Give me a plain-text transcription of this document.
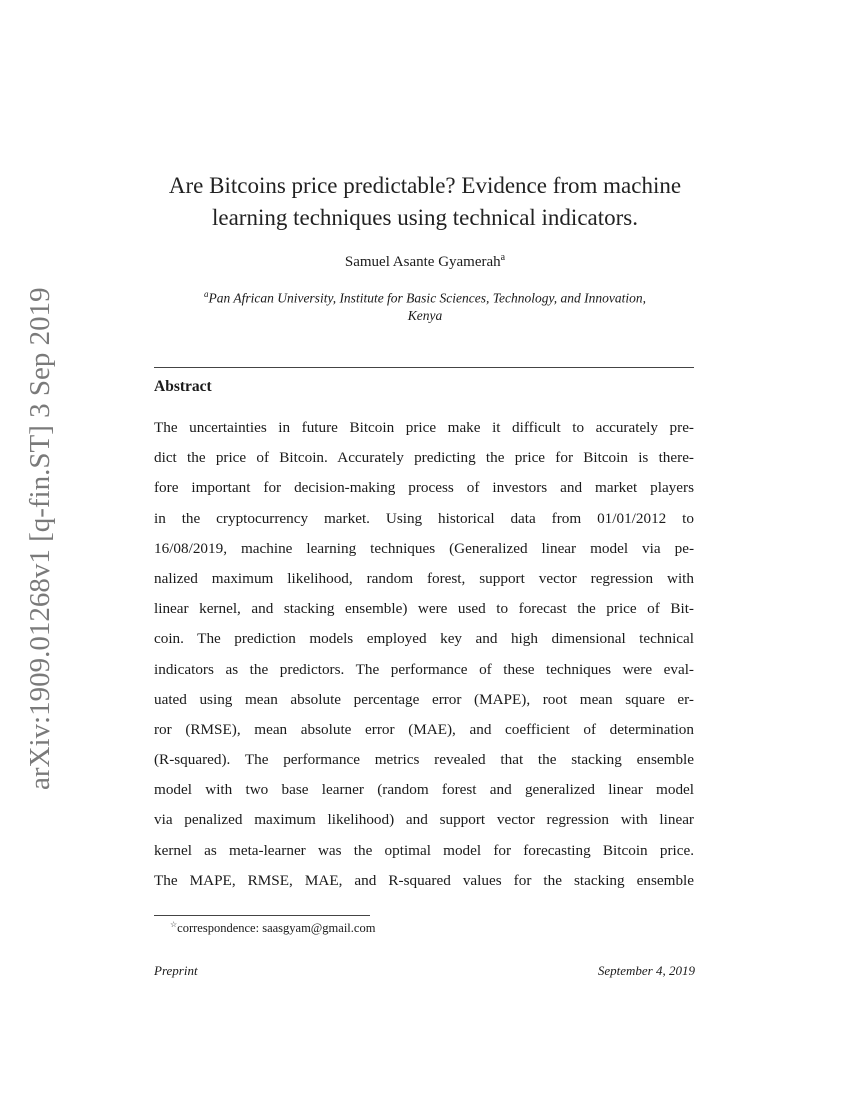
arXiv:1909.01268v1 [q-fin.ST] 3 Sep 2019
Are Bitcoins price predictable? Evidence from machine
learning techniques using technical indicators.
Samuel Asante Gyamerah$^a$
$^a$Pan African University, Institute for Basic Sciences, Technology, and Innovation,
Kenya
Abstract
The uncertainties in future Bitcoin price make it difficult to accurately pre-
dict the price of Bitcoin. Accurately predicting the price for Bitcoin is there-
fore important for decision-making process of investors and market players
in the cryptocurrency market. Using historical data from 01/01/2012 to
16/08/2019, machine learning techniques (Generalized linear model via pe-
nalized maximum likelihood, random forest, support vector regression with
linear kernel, and stacking ensemble) were used to forecast the price of Bit-
coin. The prediction models employed key and high dimensional technical
indicators as the predictors. The performance of these techniques were eval-
uated using mean absolute percentage error (MAPE), root mean square er-
ror (RMSE), mean absolute error (MAE), and coefficient of determination
(R-squared). The performance metrics revealed that the stacking ensemble
model with two base learner (random forest and generalized linear model
via penalized maximum likelihood) and support vector regression with linear
kernel as meta-learner was the optimal model for forecasting Bitcoin price.
The MAPE, RMSE, MAE, and R-squared values for the stacking ensemble
☆correspondence: saasgyam@gmail.com
Preprint	September 4, 2019
